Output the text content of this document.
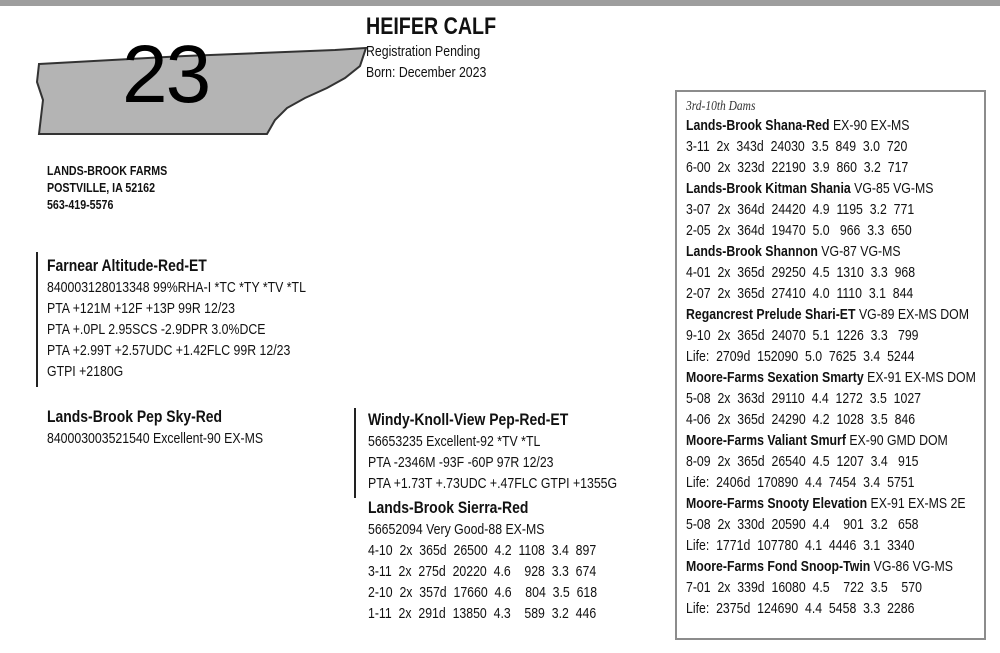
23
HEIFER CALF
Registration Pending
Born: December 2023
LANDS-BROOK FARMS
POSTVILLE, IA 52162
563-419-5576
Farnear Altitude-Red-ET
840003128013348 99%RHA-I *TC *TY *TV *TL
PTA +121M +12F +13P 99R 12/23
PTA +.0PL 2.95SCS -2.9DPR 3.0%DCE
PTA +2.99T +2.57UDC +1.42FLC 99R 12/23
GTPI +2180G
Lands-Brook Pep Sky-Red
840003003521540 Excellent-90 EX-MS
Windy-Knoll-View Pep-Red-ET
56653235 Excellent-92 *TV *TL
PTA -2346M -93F -60P 97R 12/23
PTA +1.73T +.73UDC +.47FLC GTPI +1355G
Lands-Brook Sierra-Red
56652094 Very Good-88 EX-MS
4-10  2x  365d  26500  4.2  1108  3.4  897
3-11  2x  275d  20220  4.6    928  3.3  674
2-10  2x  357d  17660  4.6    804  3.5  618
1-11  2x  291d  13850  4.3    589  3.2  446
3rd-10th Dams
Lands-Brook Shana-Red EX-90 EX-MS
3-11  2x  343d  24030  3.5  849  3.0  720
6-00  2x  323d  22190  3.9  860  3.2  717
Lands-Brook Kitman Shania VG-85 VG-MS
3-07  2x  364d  24420  4.9  1195  3.2  771
2-05  2x  364d  19470  5.0   966  3.3  650
Lands-Brook Shannon VG-87 VG-MS
4-01  2x  365d  29250  4.5  1310  3.3  968
2-07  2x  365d  27410  4.0  1110  3.1  844
Regancrest Prelude Shari-ET VG-89 EX-MS DOM
9-10  2x  365d  24070  5.1  1226  3.3   799
Life:  2709d  152090  5.0  7625  3.4  5244
Moore-Farms Sexation Smarty EX-91 EX-MS DOM
5-08  2x  363d  29110  4.4  1272  3.5  1027
4-06  2x  365d  24290  4.2  1028  3.5  846
Moore-Farms Valiant Smurf EX-90 GMD DOM
8-09  2x  365d  26540  4.5  1207  3.4   915
Life:  2406d  170890  4.4  7454  3.4  5751
Moore-Farms Snooty Elevation EX-91 EX-MS 2E
5-08  2x  330d  20590  4.4    901  3.2   658
Life:  1771d  107780  4.1  4446  3.1  3340
Moore-Farms Fond Snoop-Twin VG-86 VG-MS
7-01  2x  339d  16080  4.5    722  3.5    570
Life:  2375d  124690  4.4  5458  3.3  2286
